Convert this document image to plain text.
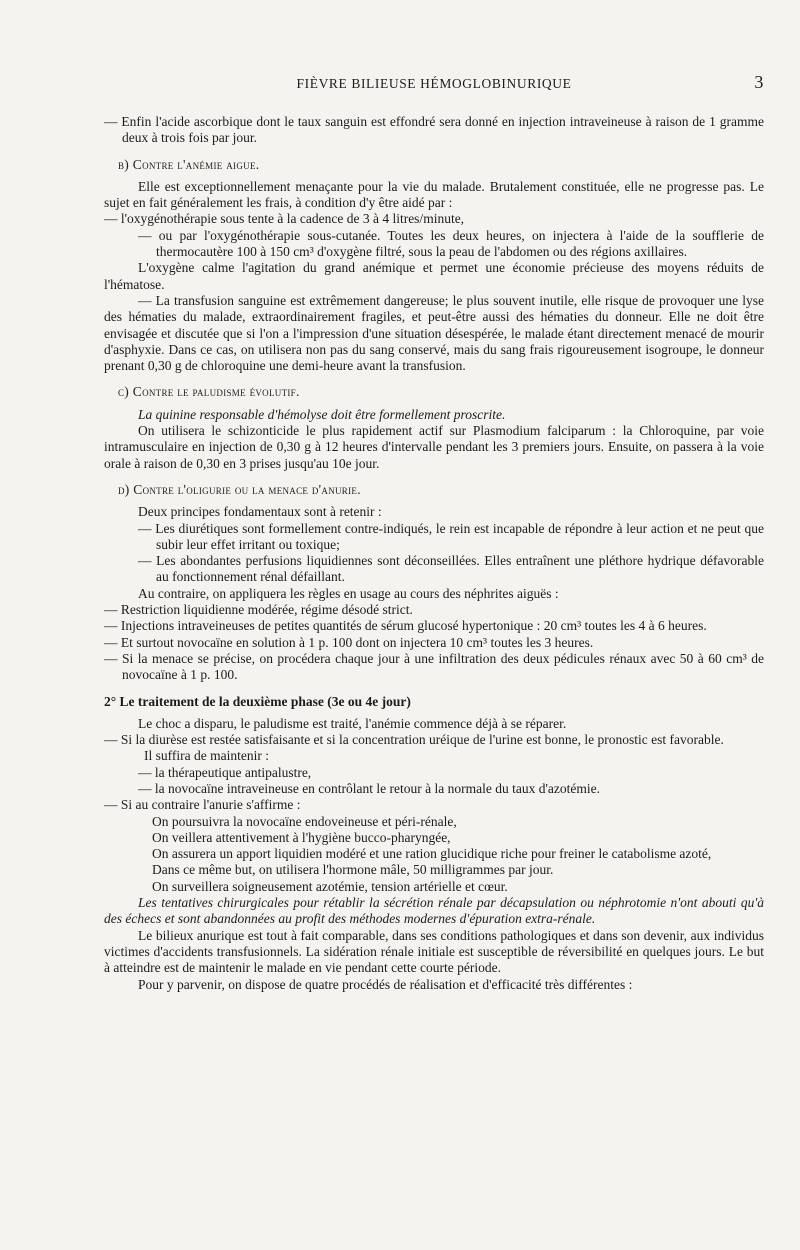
FIÈVRE BILIEUSE HÉMOGLOBINURIQUE	3

— Enfin l'acide ascorbique dont le taux sanguin est effondré sera donné en injection intraveineuse à raison de 1 gramme deux à trois fois par jour.

b) Contre l'anémie aigue.

Elle est exceptionnellement menaçante pour la vie du malade. Brutalement constituée, elle ne progresse pas. Le sujet en fait généralement les frais, à condition d'y être aidé par :

— l'oxygénothérapie sous tente à la cadence de 3 à 4 litres/minute,

— ou par l'oxygénothérapie sous-cutanée. Toutes les deux heures, on injectera à l'aide de la soufflerie de thermocautère 100 à 150 cm³ d'oxygène filtré, sous la peau de l'abdomen ou des régions axillaires.

L'oxygène calme l'agitation du grand anémique et permet une économie précieuse des moyens réduits de l'hématose.

— La transfusion sanguine est extrêmement dangereuse; le plus souvent inutile, elle risque de provoquer une lyse des hématies du malade, extraordinairement fragiles, et peut-être aussi des hématies du donneur. Elle ne doit être envisagée et discutée que si l'on a l'impression d'une situation désespérée, le malade étant directement menacé de mourir d'asphyxie. Dans ce cas, on utilisera non pas du sang conservé, mais du sang frais rigoureusement isogroupe, le donneur prenant 0,30 g de chloroquine une demi-heure avant la transfusion.

c) Contre le paludisme évolutif.

La quinine responsable d'hémolyse doit être formellement proscrite.

On utilisera le schizonticide le plus rapidement actif sur Plasmodium falciparum : la Chloroquine, par voie intramusculaire en injection de 0,30 g à 12 heures d'intervalle pendant les 3 premiers jours. Ensuite, on passera à la voie orale à raison de 0,30 en 3 prises jusqu'au 10e jour.

d) Contre l'oligurie ou la menace d'anurie.

Deux principes fondamentaux sont à retenir :

— Les diurétiques sont formellement contre-indiqués, le rein est incapable de répondre à leur action et ne peut que subir leur effet irritant ou toxique;

— Les abondantes perfusions liquidiennes sont déconseillées. Elles entraînent une pléthore hydrique défavorable au fonctionnement rénal défaillant.

Au contraire, on appliquera les règles en usage au cours des néphrites aiguës :

— Restriction liquidienne modérée, régime désodé strict.

— Injections intraveineuses de petites quantités de sérum glucosé hypertonique : 20 cm³ toutes les 4 à 6 heures.

— Et surtout novocaïne en solution à 1 p. 100 dont on injectera 10 cm³ toutes les 3 heures.

— Si la menace se précise, on procédera chaque jour à une infiltration des deux pédicules rénaux avec 50 à 60 cm³ de novocaïne à 1 p. 100.

2° Le traitement de la deuxième phase (3e ou 4e jour)

Le choc a disparu, le paludisme est traité, l'anémie commence déjà à se réparer.

— Si la diurèse est restée satisfaisante et si la concentration uréique de l'urine est bonne, le pronostic est favorable.

Il suffira de maintenir :

— la thérapeutique antipalustre,

— la novocaïne intraveineuse en contrôlant le retour à la normale du taux d'azotémie.

— Si au contraire l'anurie s'affirme :

On poursuivra la novocaïne endoveineuse et péri-rénale,

On veillera attentivement à l'hygiène bucco-pharyngée,

On assurera un apport liquidien modéré et une ration glucidique riche pour freiner le catabolisme azoté,

Dans ce même but, on utilisera l'hormone mâle, 50 milligrammes par jour.

On surveillera soigneusement azotémie, tension artérielle et cœur.

Les tentatives chirurgicales pour rétablir la sécrétion rénale par décapsulation ou néphrotomie n'ont abouti qu'à des échecs et sont abandonnées au profit des méthodes modernes d'épuration extra-rénale.

Le bilieux anurique est tout à fait comparable, dans ses conditions pathologiques et dans son devenir, aux individus victimes d'accidents transfusionnels. La sidération rénale initiale est susceptible de réversibilité en quelques jours. Le but à atteindre est de maintenir le malade en vie pendant cette courte période.

Pour y parvenir, on dispose de quatre procédés de réalisation et d'efficacité très différentes :
